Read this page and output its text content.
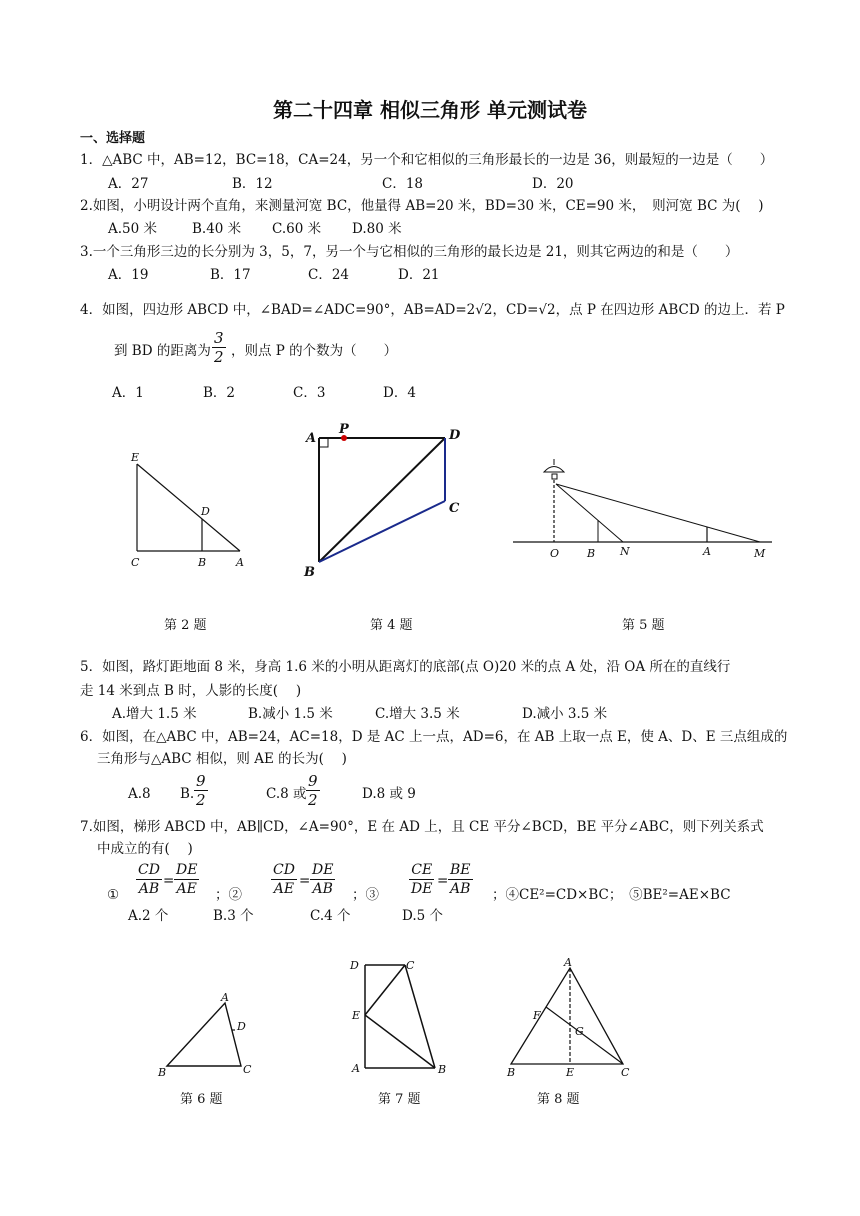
第二十四章 相似三角形 单元测试卷
一、选择题
1．△ABC 中，AB=12，BC=18，CA=24，另一个和它相似的三角形最长的一边是 36，则最短的一边是（　　）
A．27	B．12	C．18	D．20
2.如图，小明设计两个直角，来测量河宽 BC，他量得 AB=20 米，BD=30 米，CE=90 米，　则河宽 BC 为(　 )
A.50 米	B.40 米 C.60 米 D.80 米
3.一个三角形三边的长分别为 3，5，7，另一个与它相似的三角形的最长边是 21，则其它两边的和是（　　）
A．19	B．17	C．24	D．21
4．如图，四边形 ABCD 中，∠BAD=∠ADC=90°，AB=AD=2√2，CD=√2，点 P 在四边形 ABCD 的边上．若 P
到 BD 的距离为 $\frac{3}{2}$ ，则点 P 的个数为（　　）
A．1	B．2	C．3	D．4
E
D
C	B	A
第 2 题
A
P	D
C
B
第 4 题
O	B N	A	M
第 5 题
5．如图，路灯距地面 8 米，身高 1.6 米的小明从距离灯的底部(点 O)20 米的点 A 处，沿 OA 所在的直线行
走 14 米到点 B 时，人影的长度(　 )
A.增大 1.5 米	B.减小 1.5 米	C.增大 3.5 米	D.减小 3.5 米
6．如图，在△ABC 中，AB=24，AC=18，D 是 AC 上一点，AD=6，在 AB 上取一点 E，使 A、D、E 三点组成的
三角形与△ABC 相似，则 AE 的长为(　 )
A.8 B. $\frac{9}{2}$	C.8 或 $\frac{9}{2}$	D.8 或 9
7.如图，梯形 ABCD 中，AB∥CD，∠A=90°，E 在 AD 上，且 CE 平分∠BCD，BE 平分∠ABC，则下列关系式
中成立的有(　 )
① $\frac{CD}{AB} = \frac{DE}{AE}$ ；② $\frac{CD}{AE} = \frac{DE}{AB}$ ；③ $\frac{CE}{DE} = \frac{BE}{AB}$ ；④CE²=CD×BC；　⑤BE²=AE×BC
A.2 个	B.3 个	C.4 个	D.5 个
A
D
B	C
第 6 题
D	C
E
A	B
第 7 题
A
F
G
B	E	C
第 8 题
